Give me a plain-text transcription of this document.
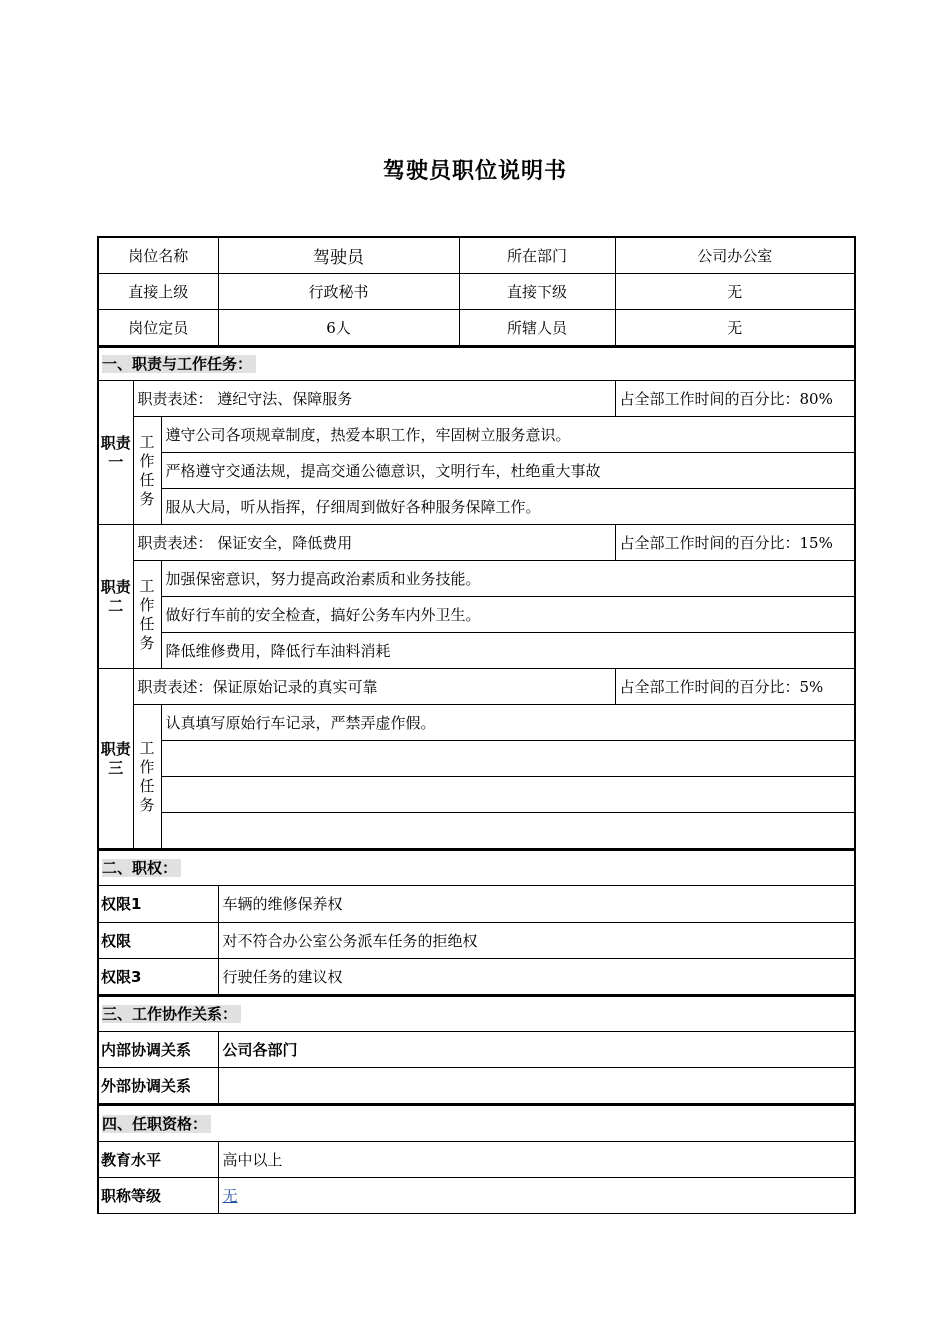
驾驶员职位说明书
岗位名称	驾驶员	所在部门	公司办公室
直接上级	行政秘书	直接下级	无
岗位定员	6人	所辖人员	无
一、职责与工作任务：			
职责一	职责表述： 遵纪守法、保障服务		占全部工作时间的百分比：80%
	工作任务	遵守公司各项规章制度，热爱本职工作，牢固树立服务意识。	
		严格遵守交通法规，提高交通公德意识，文明行车，杜绝重大事故	
		服从大局，听从指挥，仔细周到做好各种服务保障工作。	
职责二	职责表述： 保证安全，降低费用		占全部工作时间的百分比：15%
	工作任务	加强保密意识，努力提高政治素质和业务技能。	
		做好行车前的安全检查，搞好公务车内外卫生。	
		降低维修费用，降低行车油料消耗	
职责三	职责表述：保证原始记录的真实可靠		占全部工作时间的百分比：5%
	工作任务	认真填写原始行车记录，严禁弄虚作假。	

二、职权：	
权限1	车辆的维修保养权
权限	对不符合办公室公务派车任务的拒绝权
权限3	行驶任务的建议权
三、工作协作关系：	
内部协调关系	公司各部门
外部协调关系	
四、任职资格：	
教育水平	高中以上
职称等级	无
